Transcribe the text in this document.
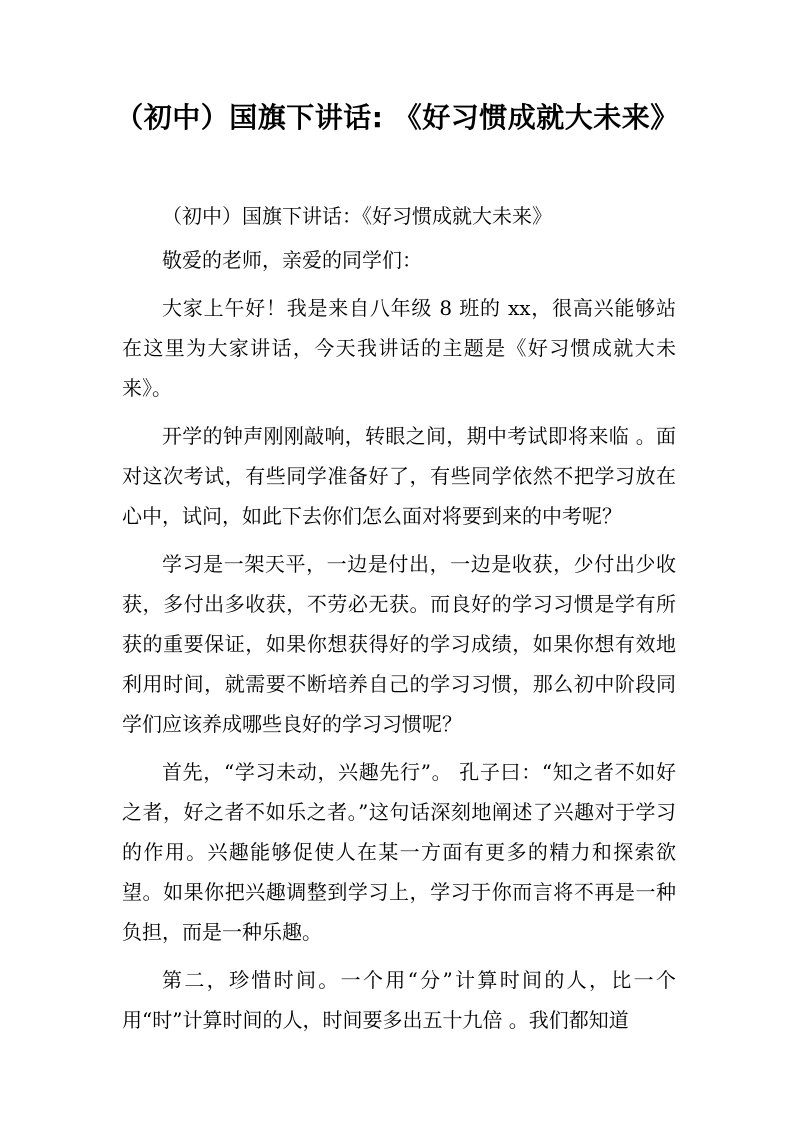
（初中）国旗下讲话: 《好习惯成就大未来》

（初中）国旗下讲话：《好习惯成就大未来》

敬爱的老师，亲爱的同学们：

大家上午好！我是来自八年级 8 班的 xx，很高兴能够站在这里为大家讲话，今天我讲话的主题是《好习惯成就大未来》。

开学的钟声刚刚敲响，转眼之间，期中考试即将来临 。面对这次考试，有些同学准备好了，有些同学依然不把学习放在心中，试问，如此下去你们怎么面对将要到来的中考呢？

学习是一架天平，一边是付出，一边是收获，少付出少收获，多付出多收获，不劳必无获。而良好的学习习惯是学有所获的重要保证，如果你想获得好的学习成绩，如果你想有效地利用时间，就需要不断培养自己的学习习惯，那么初中阶段同学们应该养成哪些良好的学习习惯呢？

首先，“学习未动，兴趣先行”。 孔子曰：“知之者不如好之者，好之者不如乐之者。”这句话深刻地阐述了兴趣对于学习的作用。兴趣能够促使人在某一方面有更多的精力和探索欲望。如果你把兴趣调整到学习上，学习于你而言将不再是一种负担，而是一种乐趣。

第二，珍惜时间。一个用“分”计算时间的人，比一个用“时”计算时间的人，时间要多出五十九倍 。我们都知道
